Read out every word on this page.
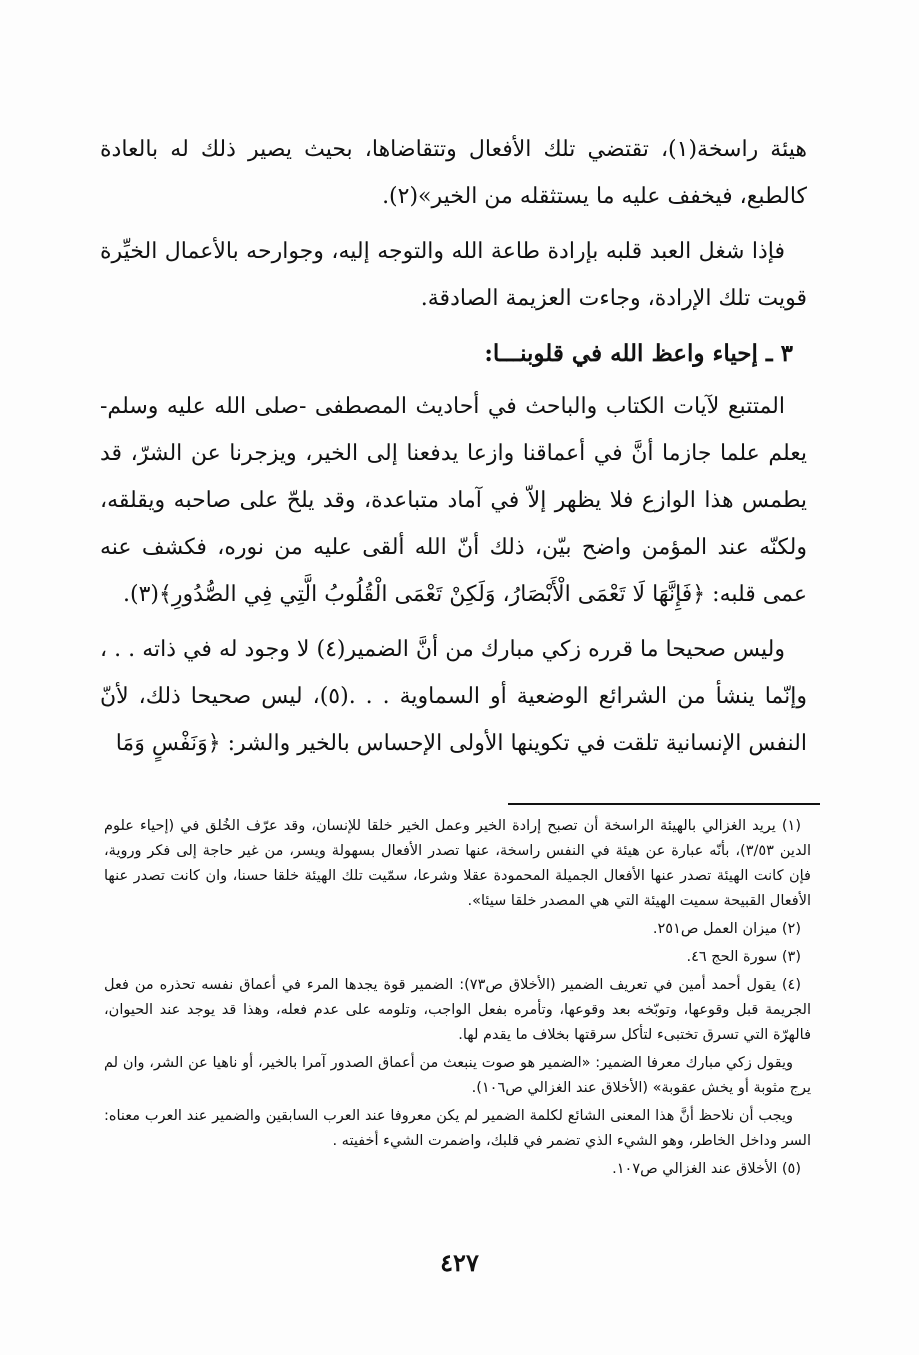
هيئة راسخة(١)، تقتضي تلك الأفعال وتتقاضاها، بحيث يصير ذلك له بالعادة كالطبع، فيخفف عليه ما يستثقله من الخير»(٢).

فإذا شغل العبد قلبه بإرادة طاعة الله والتوجه إليه، وجوارحه بالأعمال الخيِّرة قويت تلك الإرادة، وجاءت العزيمة الصادقة.

٣ ـ إحياء واعظ الله في قلوبنـــا:

المتتبع لآيات الكتاب والباحث في أحاديث المصطفى -صلى الله عليه وسلم- يعلم علما جازما أنَّ في أعماقنا وازعا يدفعنا إلى الخير، ويزجرنا عن الشرّ، قد يطمس هذا الوازع فلا يظهر إلاّ في آماد متباعدة، وقد يلحّ على صاحبه ويقلقه، ولكنّه عند المؤمن واضح بيّن، ذلك أنّ الله ألقى عليه من نوره، فكشف عنه عمى قلبه: ﴿فَإِنَّهَا لَا تَعْمَى الْأَبْصَارُ، وَلَكِنْ تَعْمَى الْقُلُوبُ الَّتِي فِي الصُّدُورِ﴾(٣).

وليس صحيحا ما قرره زكي مبارك من أنَّ الضمير(٤) لا وجود له في ذاته . . ، وإنّما ينشأ من الشرائع الوضعية أو السماوية . . .(٥)، ليس صحيحا ذلك، لأنّ النفس الإنسانية تلقت في تكوينها الأولى الإحساس بالخير والشر: ﴿وَنَفْسٍ وَمَا

(١) يريد الغزالي بالهيئة الراسخة أن تصبح إرادة الخير وعمل الخير خلقا للإنسان، وقد عرّف الخُلق في (إحياء علوم الدين ٣/٥٣)، بأنّه عبارة عن هيئة في النفس راسخة، عنها تصدر الأفعال بسهولة ويسر، من غير حاجة إلى فكر وروية، فإن كانت الهيئة تصدر عنها الأفعال الجميلة المحمودة عقلا وشرعا، سمّيت تلك الهيئة خلقا حسنا، وان كانت تصدر عنها الأفعال القبيحة سميت الهيئة التي هي المصدر خلقا سيئا».

(٢) ميزان العمل ص٢٥١.

(٣) سورة الحج ٤٦.

(٤) يقول أحمد أمين في تعريف الضمير (الأخلاق ص٧٣): الضمير قوة يجدها المرء في أعماق نفسه تحذره من فعل الجريمة قبل وقوعها، وتوبّخه بعد وقوعها، وتأمره بفعل الواجب، وتلومه على عدم فعله، وهذا قد يوجد عند الحيوان، فالهرّة التي تسرق تختبىء لتأكل سرقتها بخلاف ما يقدم لها.

ويقول زكي مبارك معرفا الضمير: «الضمير هو صوت ينبعث من أعماق الصدور آمرا بالخير، أو ناهيا عن الشر، وان لم يرج مثوبة أو يخش عقوبة» (الأخلاق عند الغزالي ص١٠٦).

ويجب أن نلاحظ أنَّ هذا المعنى الشائع لكلمة الضمير لم يكن معروفا عند العرب السابقين والضمير عند العرب معناه: السر وداخل الخاطر، وهو الشيء الذي تضمر في قلبك، واضمرت الشيء أخفيته .

(٥) الأخلاق عند الغزالي ص١٠٧.

٤٢٧
